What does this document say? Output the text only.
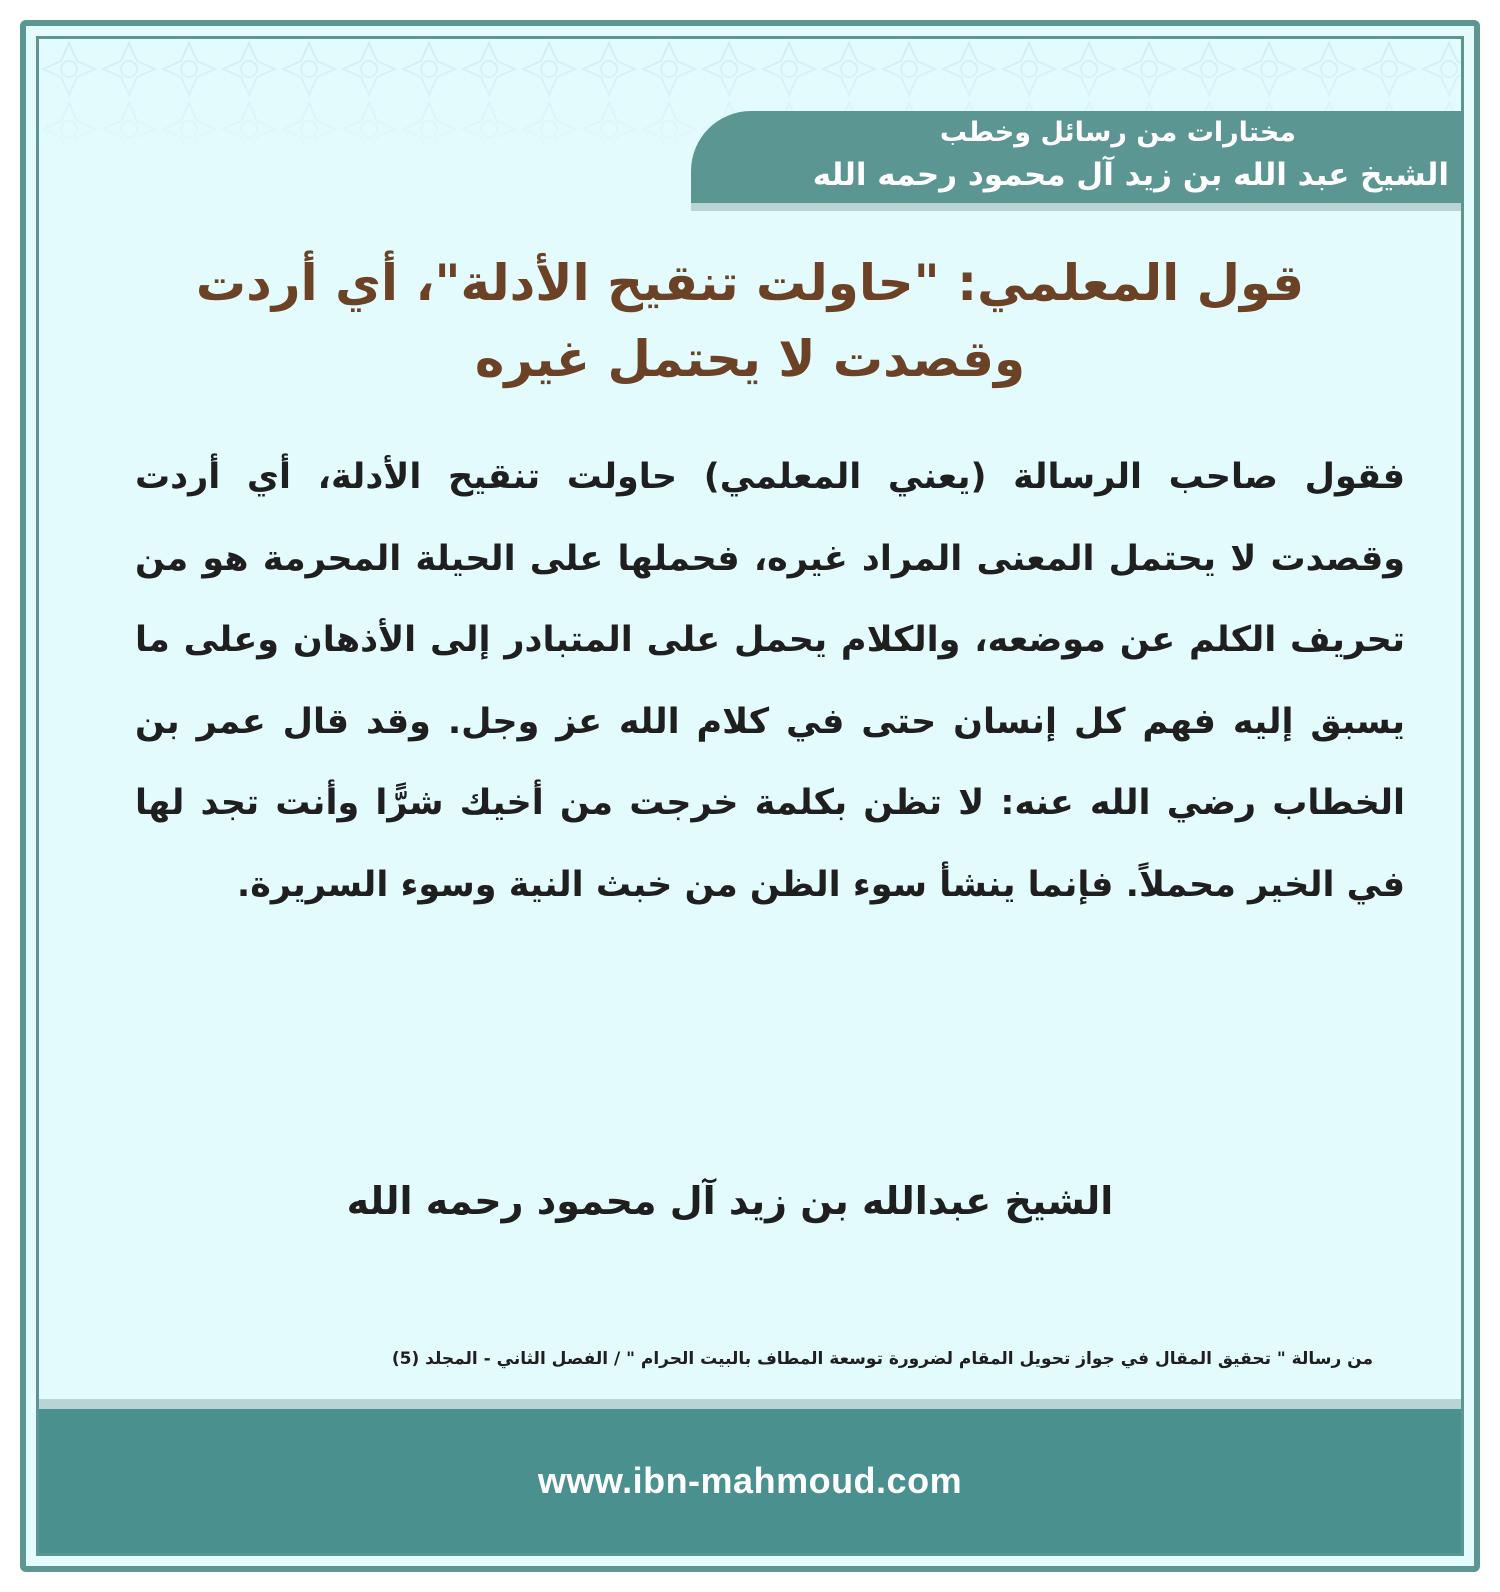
مختارات من رسائل وخطب
الشيخ عبد الله بن زيد آل محمود رحمه الله
قول المعلمي: "حاولت تنقيح الأدلة"، أي أردت وقصدت لا يحتمل غيره
فقول صاحب الرسالة (يعني المعلمي) حاولت تنقيح الأدلة، أي أردت وقصدت لا يحتمل المعنى المراد غيره، فحملها على الحيلة المحرمة هو من تحريف الكلم عن موضعه، والكلام يحمل على المتبادر إلى الأذهان وعلى ما يسبق إليه فهم كل إنسان حتى في كلام الله عز وجل. وقد قال عمر بن الخطاب رضي الله عنه: لا تظن بكلمة خرجت من أخيك شرًّا وأنت تجد لها في الخير محملاً. فإنما ينشأ سوء الظن من خبث النية وسوء السريرة.
الشيخ عبدالله بن زيد آل محمود رحمه الله
من رسالة " تحقيق المقال في جواز تحويل المقام لضرورة توسعة المطاف بالبيت الحرام " / الفصل الثاني - المجلد (5)
www.ibn-mahmoud.com
